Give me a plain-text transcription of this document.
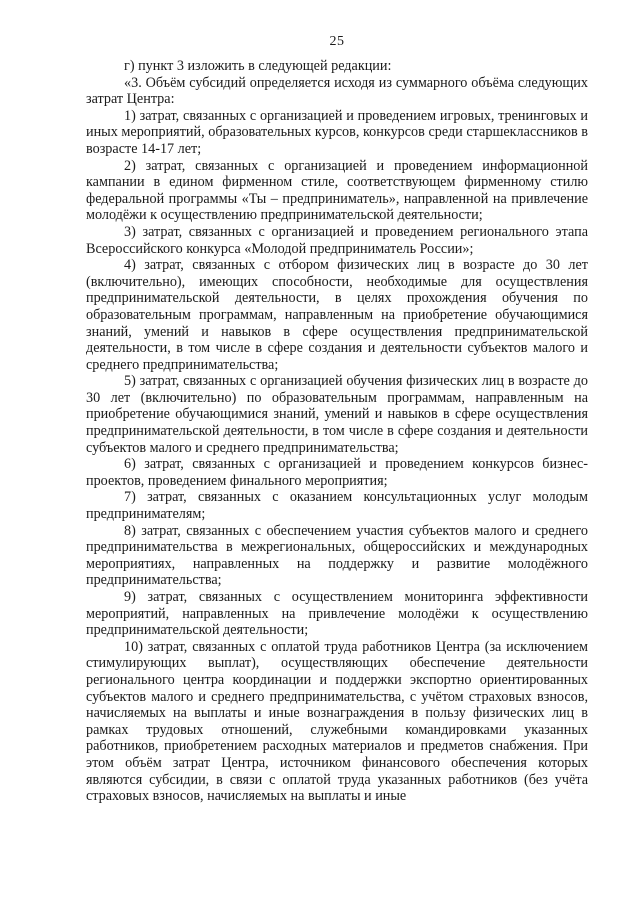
25

г) пункт 3 изложить в следующей редакции:

«3. Объём субсидий определяется исходя из суммарного объёма следующих затрат Центра:

1) затрат, связанных с организацией и проведением игровых, тренинговых и иных мероприятий, образовательных курсов, конкурсов среди старшеклассников в возрасте 14-17 лет;

2) затрат, связанных с организацией и проведением информационной кампании в едином фирменном стиле, соответствующем фирменному стилю федеральной программы «Ты – предприниматель», направленной на привлечение молодёжи к осуществлению предпринимательской деятельности;

3) затрат, связанных с организацией и проведением регионального этапа Всероссийского конкурса «Молодой предприниматель России»;

4) затрат, связанных с отбором физических лиц в возрасте до 30 лет (включительно), имеющих способности, необходимые для осуществления предпринимательской деятельности, в целях прохождения обучения по образовательным программам, направленным на приобретение обучающимися знаний, умений и навыков в сфере осуществления предпринимательской деятельности, в том числе в сфере создания и деятельности субъектов малого и среднего предпринимательства;

5) затрат, связанных с организацией обучения физических лиц в возрасте до 30 лет (включительно) по образовательным программам, направленным на приобретение обучающимися знаний, умений и навыков в сфере осуществления предпринимательской деятельности, в том числе в сфере создания и деятельности субъектов малого и среднего предпринимательства;

6) затрат, связанных с организацией и проведением конкурсов бизнес-проектов, проведением финального мероприятия;

7) затрат, связанных с оказанием консультационных услуг молодым предпринимателям;

8) затрат, связанных с обеспечением участия субъектов малого и среднего предпринимательства в межрегиональных, общероссийских и международных мероприятиях, направленных на поддержку и развитие молодёжного предпринимательства;

9) затрат, связанных с осуществлением мониторинга эффективности мероприятий, направленных на привлечение молодёжи к осуществлению предпринимательской деятельности;

10) затрат, связанных с оплатой труда работников Центра (за исключением стимулирующих выплат), осуществляющих обеспечение деятельности регионального центра координации и поддержки экспортно ориентированных субъектов малого и среднего предпринимательства, с учётом страховых взносов, начисляемых на выплаты и иные вознаграждения в пользу физических лиц в рамках трудовых отношений, служебными командировками указанных работников, приобретением расходных материалов и предметов снабжения. При этом объём затрат Центра, источником финансового обеспечения которых являются субсидии, в связи с оплатой труда указанных работников (без учёта страховых взносов, начисляемых на выплаты и иные
